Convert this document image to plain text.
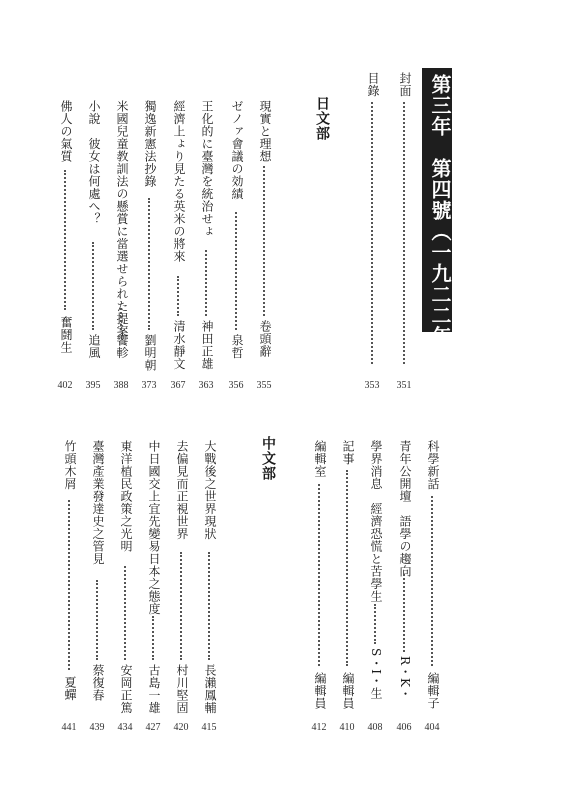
第三年　第四號（一九二二年七月十日）
封面
351
目錄
353
日文部
現實と理想
卷頭辭
355
ゼノァ會議の効績
泉哲
356
王化的に臺灣を統治せょ
神田正雄
363
經濟上ょり見たる英米の將來
清水靜文
367
獨逸新憲法抄錄
劉明朝
373
米國兒童教訓法の懸賞に當選せられた提案
饗軫
388
小說　彼女は何處へ？
追風
395
佛人の氣質
奮鬪生
402
科學新話
編輯子
404
青年公開壇　語學の趨向
R・K・
406
學界消息　經濟恐慌と苦學生
S・I・生
408
記事
編輯員
410
編輯室
編輯員
412
中文部
大戰後之世界現狀
長瀨鳳輔
415
去偏見而正視世界
村川堅固
420
中日國交上宜先變易日本之態度
古島一雄
427
東洋植民政策之光明
安岡正篤
434
臺灣產業發達史之管見
蔡復春
439
竹頭木屑
夏蟬
441
